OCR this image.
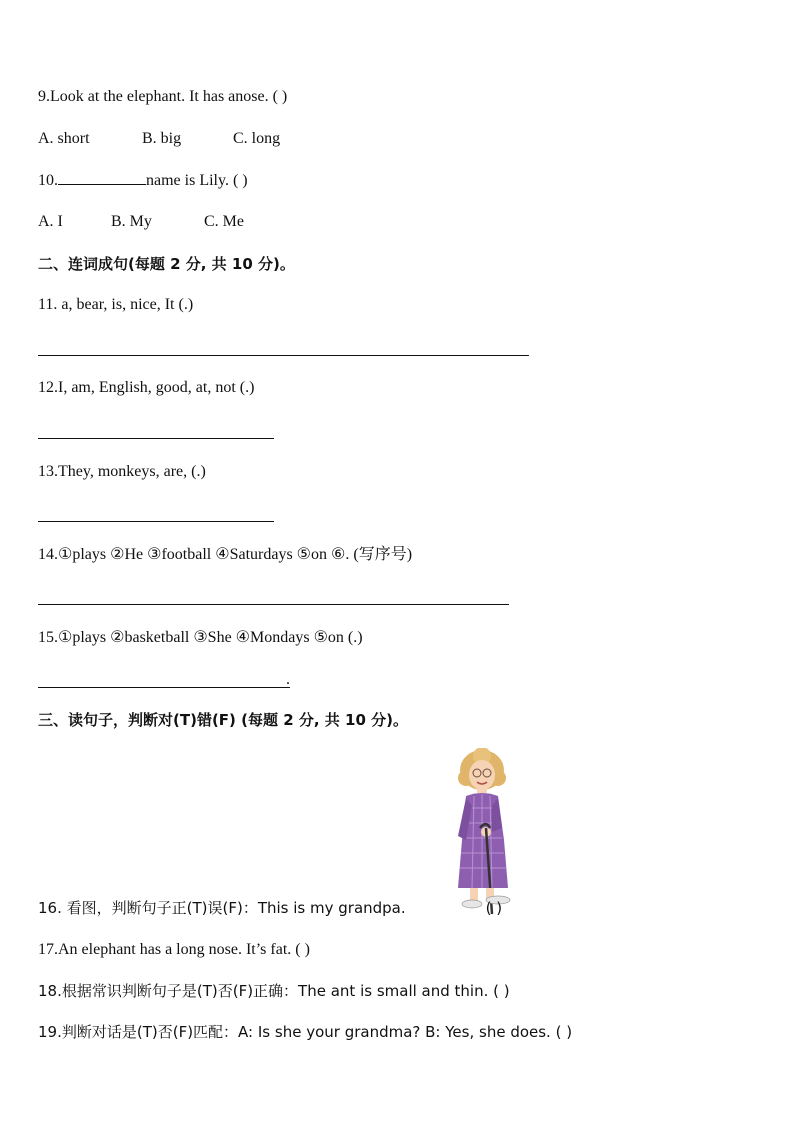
9.Look at the elephant. It has anose. ( )
A. short	B. big	C. long
10.	name is Lily. ( )
A. I	B. My	C. Me
二、连词成句(每题 2 分, 共 10 分)。
11. a, bear, is, nice, It (.)
12.I, am, English, good, at, not (.)
13.They, monkeys, are, (.)
14.①plays ②He ③football ④Saturdays ⑤on ⑥. (写序号)
15.①plays ②basketball ③She ④Mondays ⑤on (.)
.
三、读句子，判断对(T)错(F) (每题 2 分, 共 10 分)。
16. 看图，判断句子正(T)误(F)：This is my grandpa.	( )
17.An elephant has a long nose. It’s fat. ( )
18.根据常识判断句子是(T)否(F)正确：The ant is small and thin. ( )
19.判断对话是(T)否(F)匹配：A: Is she your grandma? B: Yes, she does. ( )
